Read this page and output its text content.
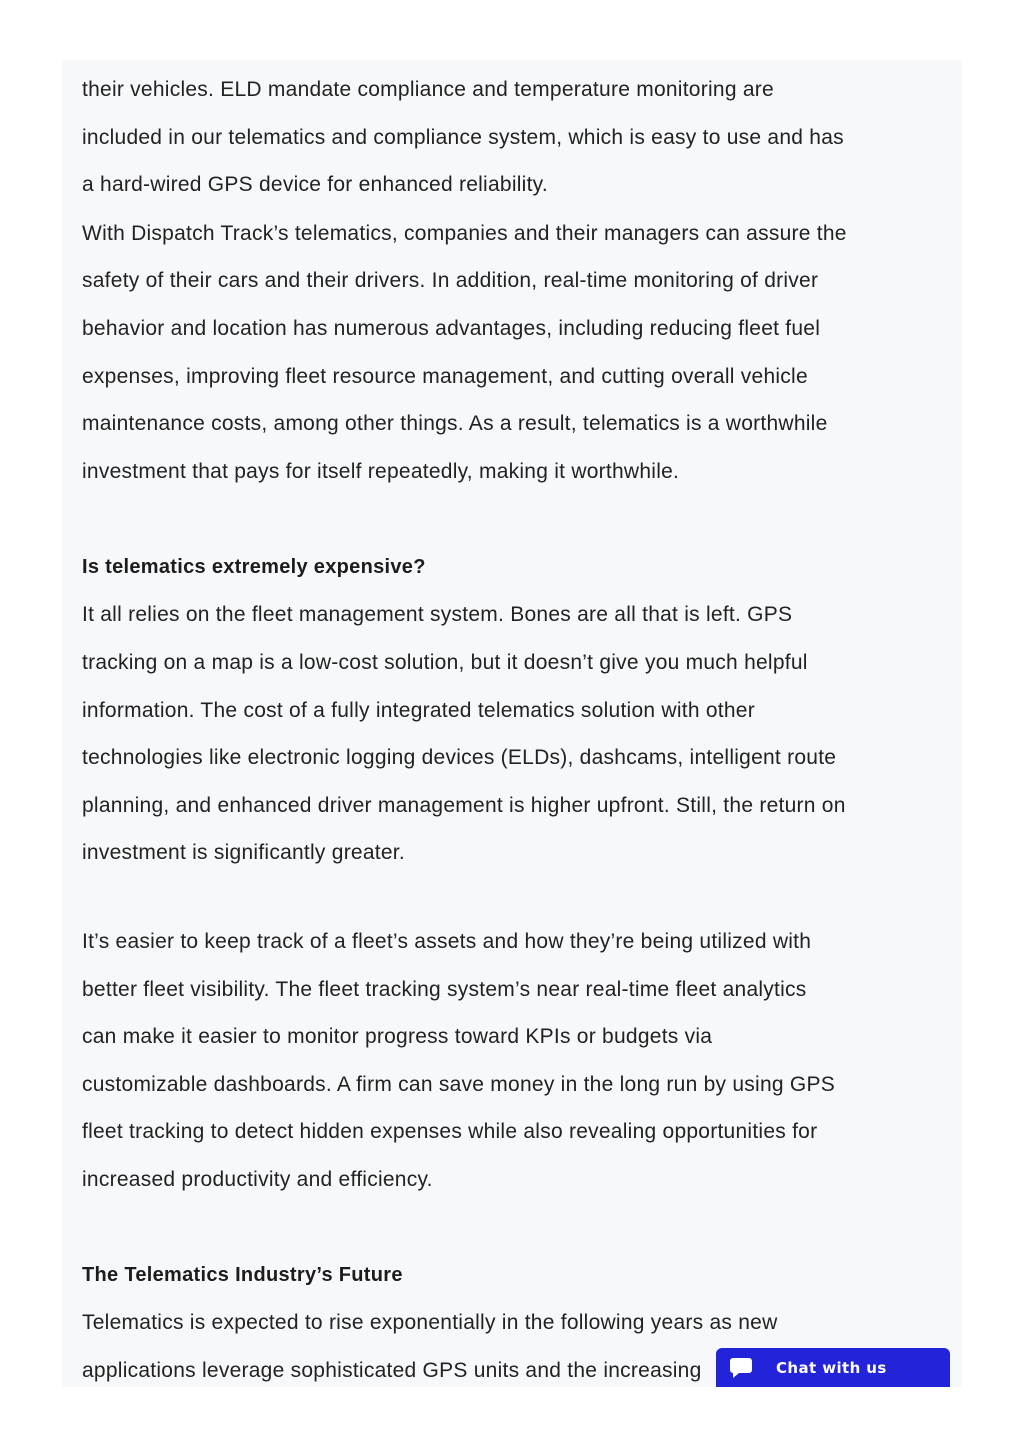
their vehicles. ELD mandate compliance and temperature monitoring are
included in our telematics and compliance system, which is easy to use and has
a hard-wired GPS device for enhanced reliability.

With Dispatch Track’s telematics, companies and their managers can assure the
safety of their cars and their drivers. In addition, real-time monitoring of driver
behavior and location has numerous advantages, including reducing fleet fuel
expenses, improving fleet resource management, and cutting overall vehicle
maintenance costs, among other things. As a result, telematics is a worthwhile
investment that pays for itself repeatedly, making it worthwhile.

Is telematics extremely expensive?

It all relies on the fleet management system. Bones are all that is left. GPS
tracking on a map is a low-cost solution, but it doesn’t give you much helpful
information. The cost of a fully integrated telematics solution with other
technologies like electronic logging devices (ELDs), dashcams, intelligent route
planning, and enhanced driver management is higher upfront. Still, the return on
investment is significantly greater.

It’s easier to keep track of a fleet’s assets and how they’re being utilized with
better fleet visibility. The fleet tracking system’s near real-time fleet analytics
can make it easier to monitor progress toward KPIs or budgets via
customizable dashboards. A firm can save money in the long run by using GPS
fleet tracking to detect hidden expenses while also revealing opportunities for
increased productivity and efficiency.

The Telematics Industry’s Future

Telematics is expected to rise exponentially in the following years as new
applications leverage sophisticated GPS units and the increasing	Chat with us
